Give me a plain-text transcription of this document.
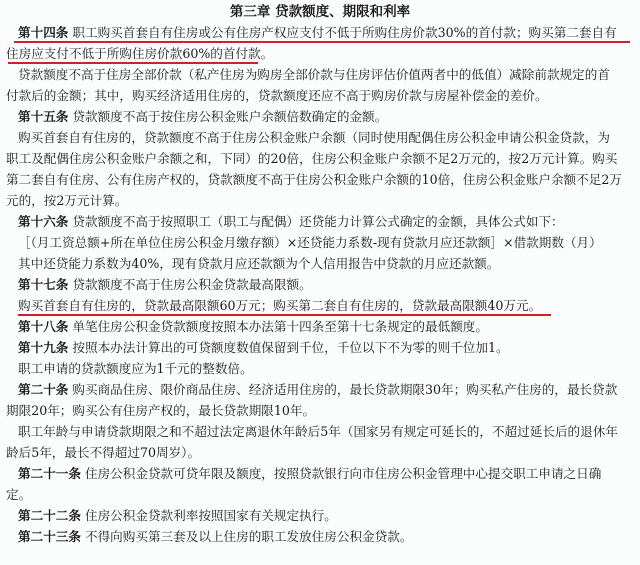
第三章 贷款额度、期限和利率
第十四条 职工购买首套自有住房或公有住房产权应支付不低于所购住房价款30%的首付款；购买第二套自有
住房应支付不低于所购住房价款60%的首付款。
贷款额度不高于住房全部价款（私产住房为购房全部价款与住房评估价值两者中的低值）减除前款规定的首
付款后的金额；其中，购买经济适用住房的，贷款额度还应不高于购房价款与房屋补偿金的差价。
第十五条 贷款额度不高于按住房公积金账户余额倍数确定的金额。
购买首套自有住房的，贷款额度不高于住房公积金账户余额（同时使用配偶住房公积金申请公积金贷款，为
职工及配偶住房公积金账户余额之和，下同）的20倍，住房公积金账户余额不足2万元的，按2万元计算。购买
第二套自有住房、公有住房产权的，贷款额度不高于住房公积金账户余额的10倍，住房公积金账户余额不足2万
元的，按2万元计算。
第十六条 贷款额度不高于按照职工（职工与配偶）还贷能力计算公式确定的金额，具体公式如下：
［（月工资总额+所在单位住房公积金月缴存额）×还贷能力系数-现有贷款月应还款额］×借款期数（月）
其中还贷能力系数为40%，现有贷款月应还款额为个人信用报告中贷款的月应还款额。
第十七条 贷款额度不高于住房公积金贷款最高限额。
购买首套自有住房的，贷款最高限额60万元；购买第二套自有住房的，贷款最高限额40万元。
第十八条 单笔住房公积金贷款额度按照本办法第十四条至第十七条规定的最低额度。
第十九条 按照本办法计算出的可贷额度数值保留到千位，千位以下不为零的则千位加1。
职工申请的贷款额度应为1千元的整数倍。
第二十条 购买商品住房、限价商品住房、经济适用住房的，最长贷款期限30年；购买私产住房的，最长贷款
期限20年；购买公有住房产权的，最长贷款期限10年。
职工年龄与申请贷款期限之和不超过法定离退休年龄后5年（国家另有规定可延长的，不超过延长后的退休年
龄后5年，最长不得超过70周岁）。
第二十一条 住房公积金贷款可贷年限及额度，按照贷款银行向市住房公积金管理中心提交职工申请之日确
定。
第二十二条 住房公积金贷款利率按照国家有关规定执行。
第二十三条 不得向购买第三套及以上住房的职工发放住房公积金贷款。
